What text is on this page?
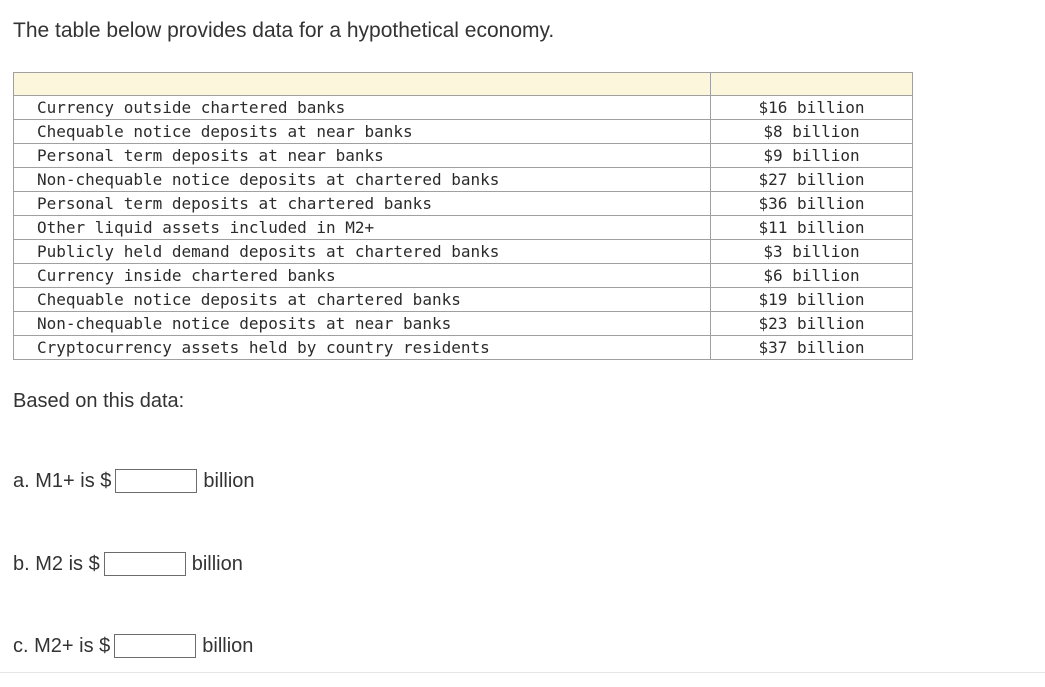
The table below provides data for a hypothetical economy.

Currency outside chartered banks	$16 billion
Chequable notice deposits at near banks	$8 billion
Personal term deposits at near banks	$9 billion
Non-chequable notice deposits at chartered banks	$27 billion
Personal term deposits at chartered banks	$36 billion
Other liquid assets included in M2+	$11 billion
Publicly held demand deposits at chartered banks	$3 billion
Currency inside chartered banks	$6 billion
Chequable notice deposits at chartered banks	$19 billion
Non-chequable notice deposits at near banks	$23 billion
Cryptocurrency assets held by country residents	$37 billion
Based on this data:
a. M1+ is $	billion
b. M2 is $	billion
c. M2+ is $	billion
